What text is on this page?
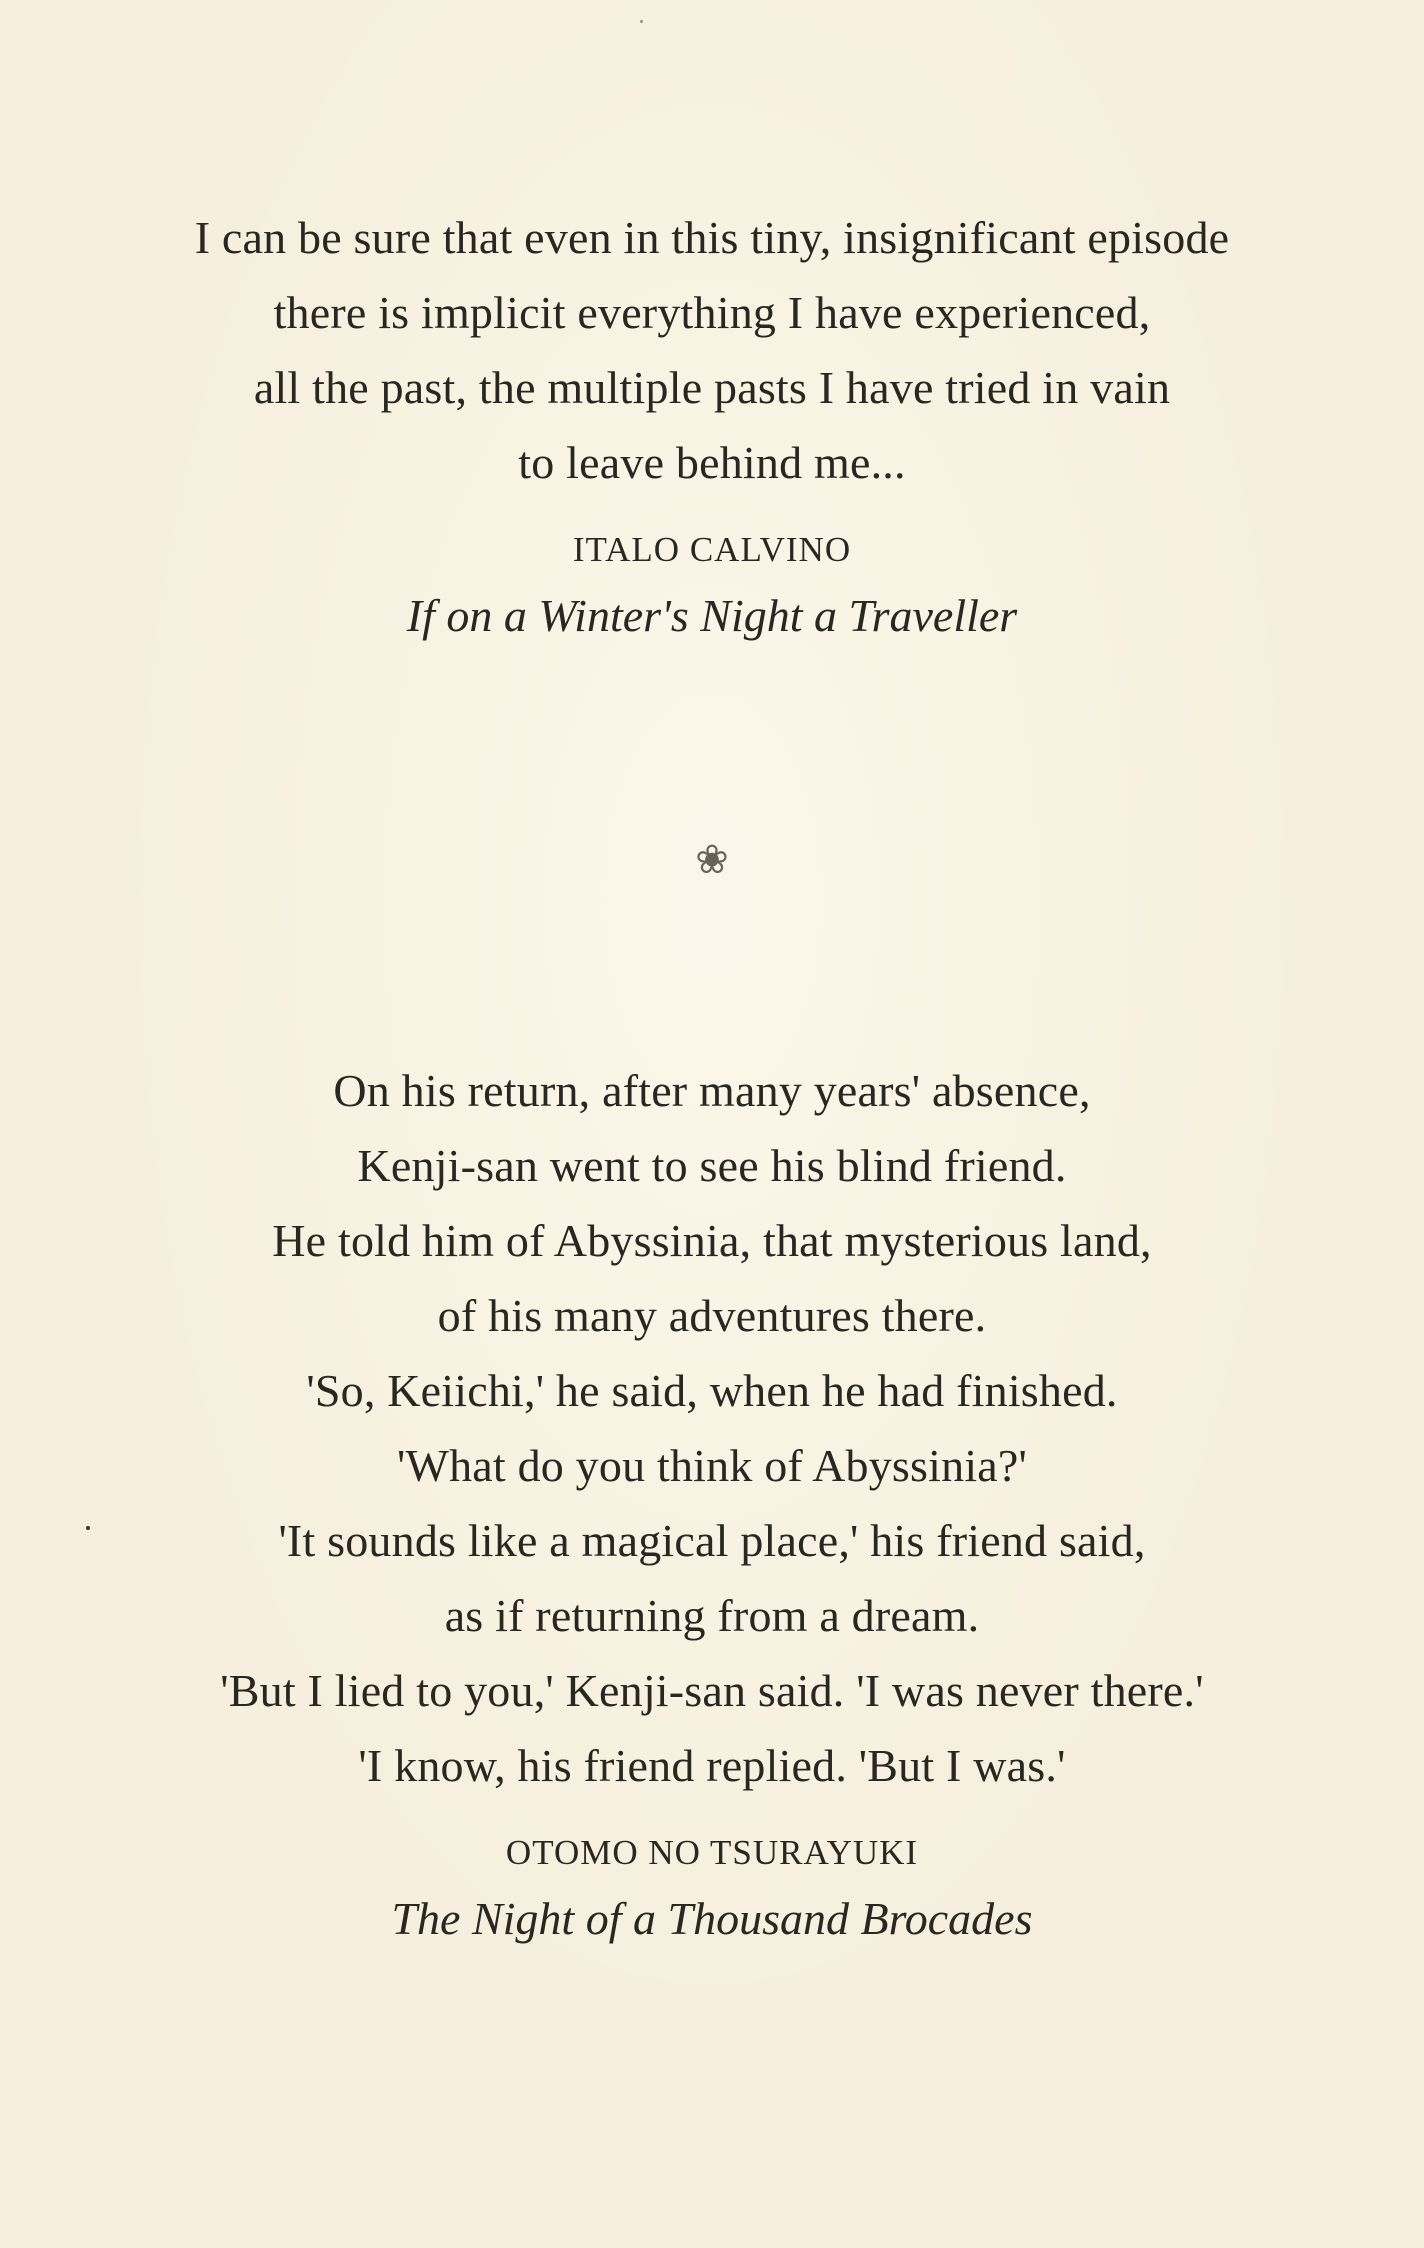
I can be sure that even in this tiny, insignificant episode
there is implicit everything I have experienced,
all the past, the multiple pasts I have tried in vain
to leave behind me...
ITALO CALVINO
If on a Winter's Night a Traveller
❀
On his return, after many years' absence,
Kenji-san went to see his blind friend.
He told him of Abyssinia, that mysterious land,
of his many adventures there.
'So, Keiichi,' he said, when he had finished.
'What do you think of Abyssinia?'
'It sounds like a magical place,' his friend said,
as if returning from a dream.
'But I lied to you,' Kenji-san said. 'I was never there.'
'I know, his friend replied. 'But I was.'
OTOMO NO TSURAYUKI
The Night of a Thousand Brocades
